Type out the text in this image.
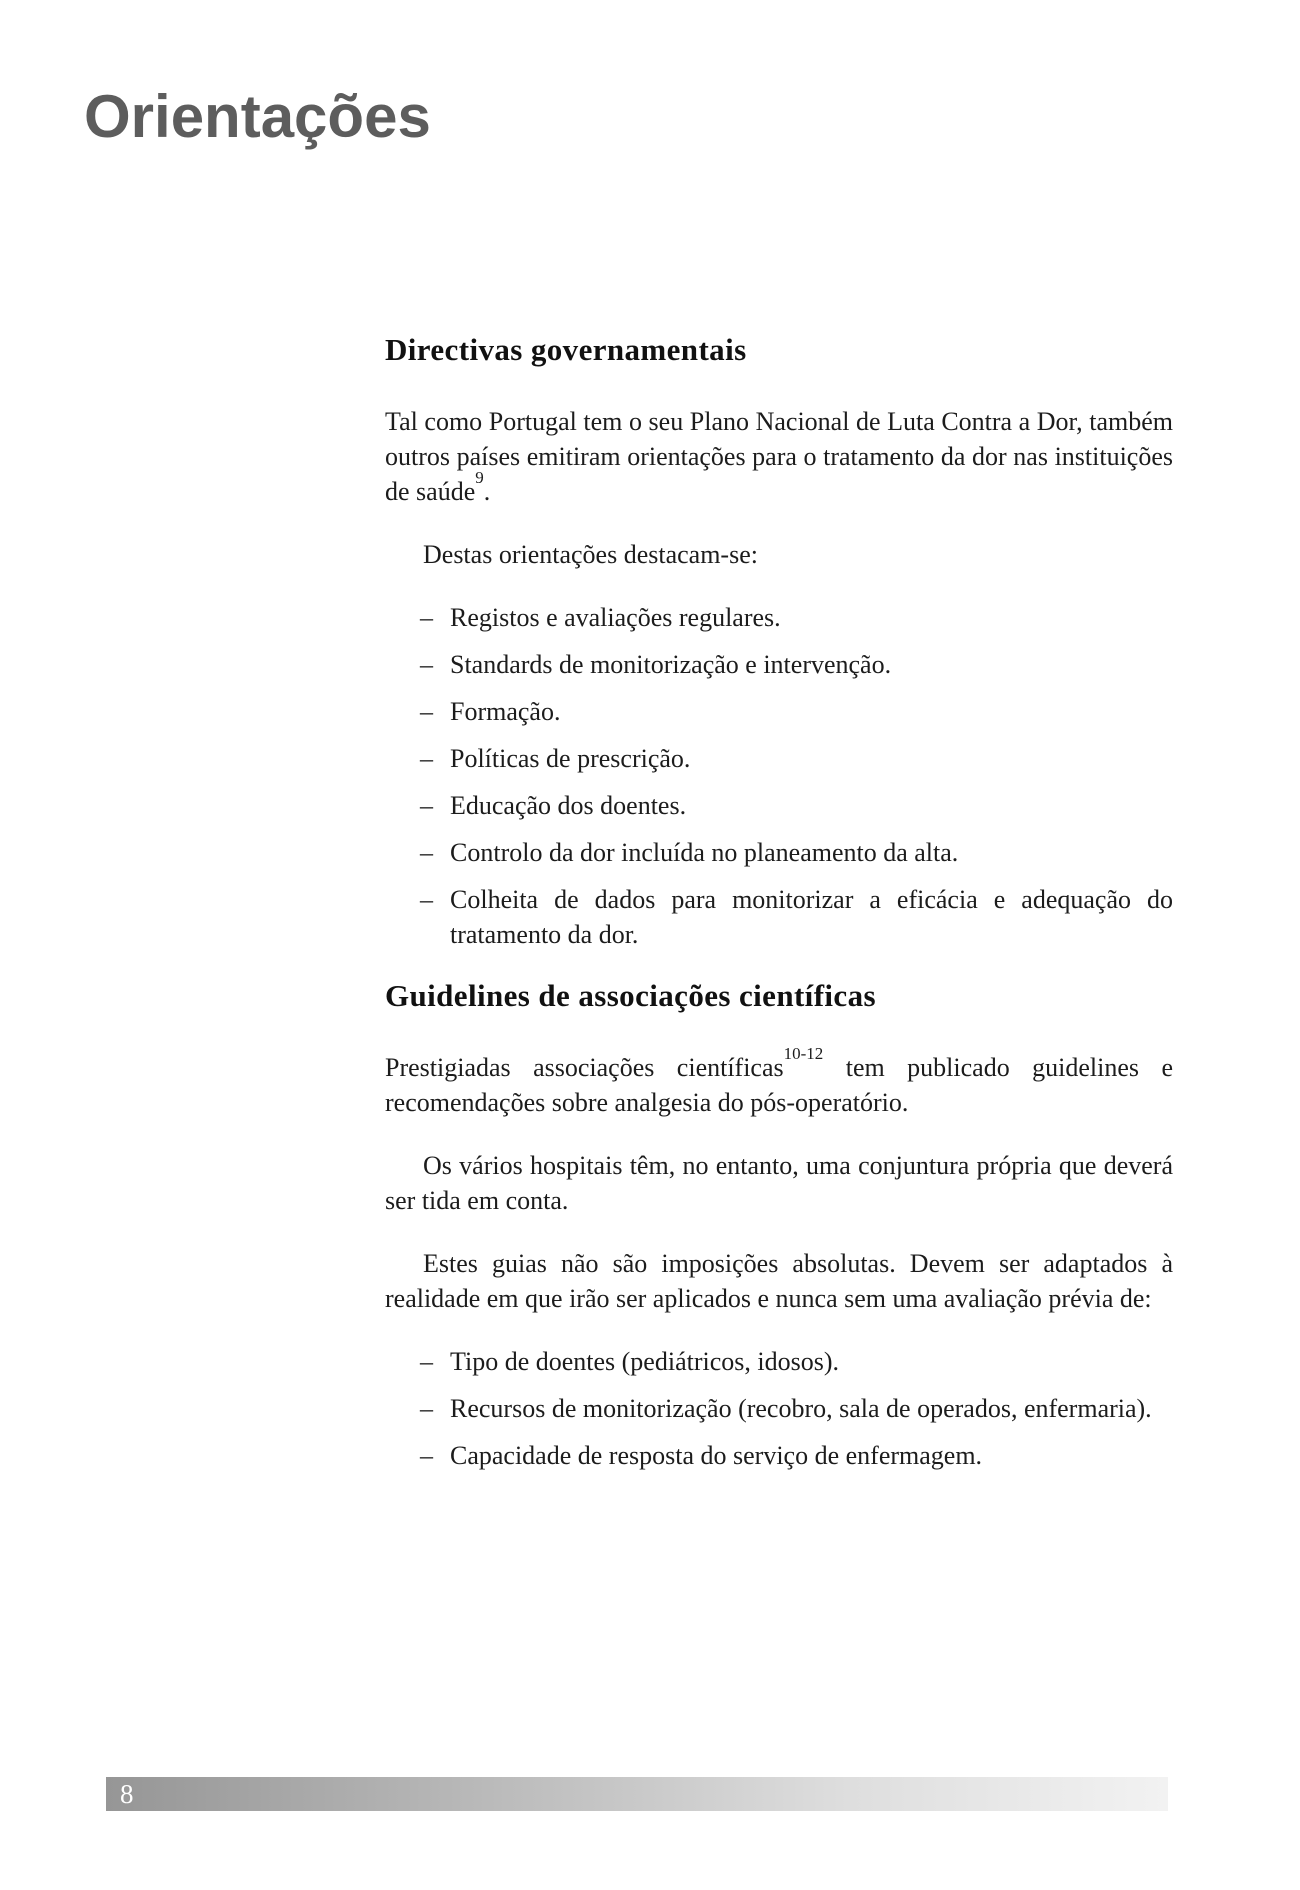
Orientações
Directivas governamentais

Tal como Portugal tem o seu Plano Nacional de Luta Contra a Dor, também outros países emitiram orientações para o tratamento da dor nas instituições de saúde$^9$.

Destas orientações destacam-se:

– Registos e avaliações regulares.
– Standards de monitorização e intervenção.
– Formação.
– Políticas de prescrição.
– Educação dos doentes.
– Controlo da dor incluída no planeamento da alta.
– Colheita de dados para monitorizar a eficácia e adequação do tratamento da dor.
Guidelines de associações científicas

Prestigiadas associações científicas$^{10-12}$ tem publicado guidelines e recomendações sobre analgesia do pós-operatório.

Os vários hospitais têm, no entanto, uma conjuntura própria que deverá ser tida em conta.

Estes guias não são imposições absolutas. Devem ser adaptados à realidade em que irão ser aplicados e nunca sem uma avaliação prévia de:

– Tipo de doentes (pediátricos, idosos).
– Recursos de monitorização (recobro, sala de operados, enfermaria).
– Capacidade de resposta do serviço de enfermagem.
8
